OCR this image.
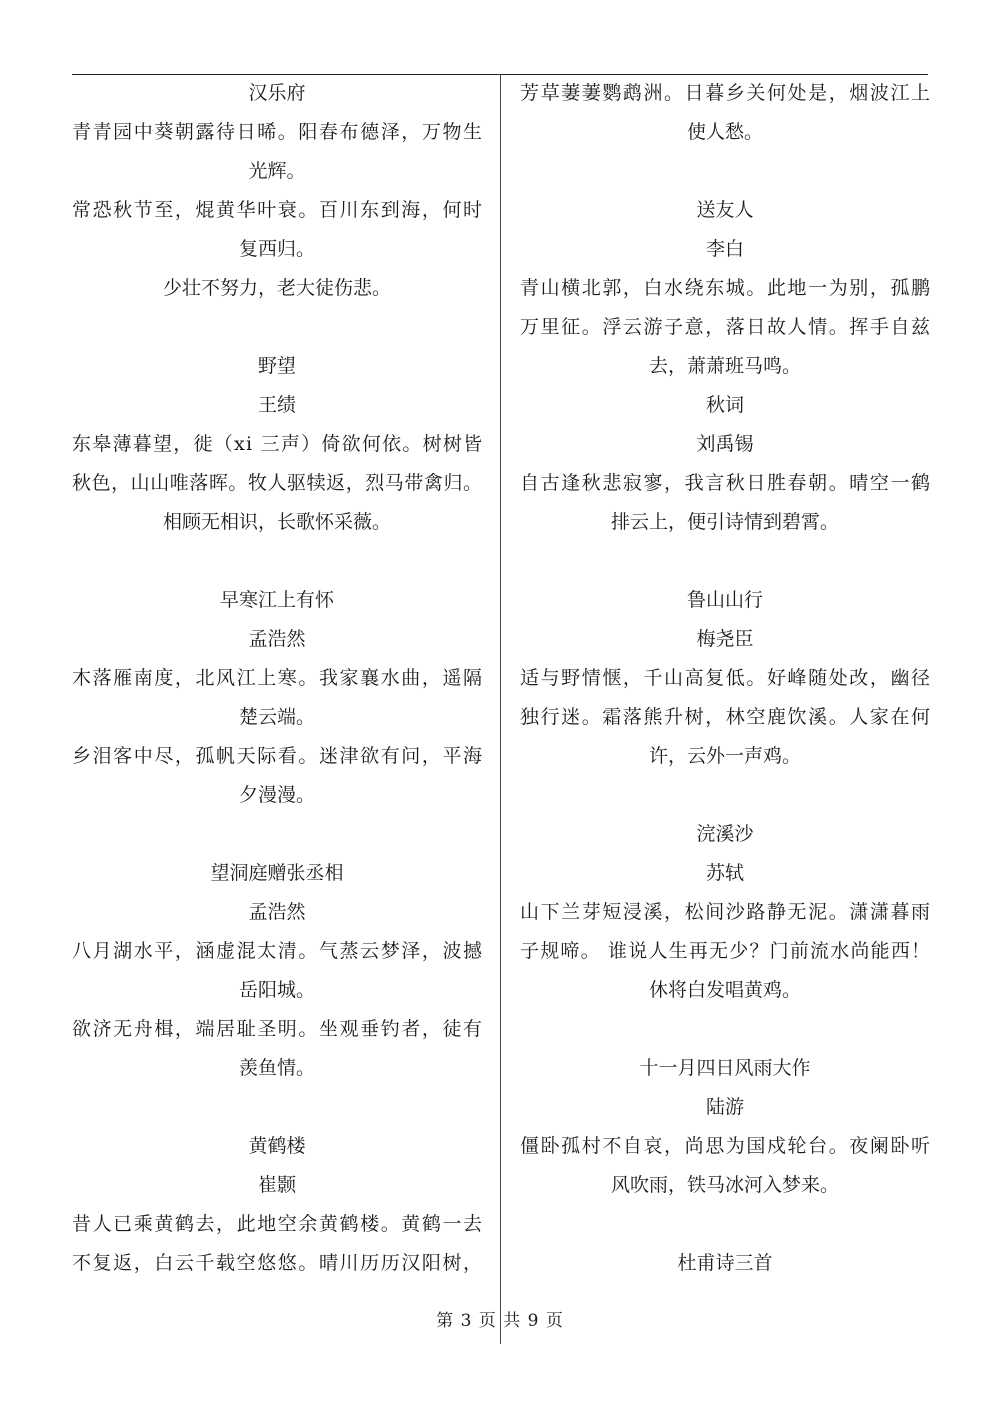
汉乐府
青青园中葵朝露待日晞。阳春布德泽，万物生
光辉。
常恐秋节至，焜黄华叶衰。百川东到海，何时
复西归。
少壮不努力，老大徒伤悲。
野望
王绩
东皋薄暮望，徙（xi 三声）倚欲何依。树树皆
秋色，山山唯落晖。牧人驱犊返，烈马带禽归。
相顾无相识，长歌怀采薇。
早寒江上有怀
孟浩然
木落雁南度，北风江上寒。我家襄水曲，遥隔
楚云端。
乡泪客中尽，孤帆天际看。迷津欲有问，平海
夕漫漫。
望洞庭赠张丞相
孟浩然
八月湖水平，涵虚混太清。气蒸云梦泽，波撼
岳阳城。
欲济无舟楫，端居耻圣明。坐观垂钓者，徒有
羡鱼情。
黄鹤楼
崔颢
昔人已乘黄鹤去，此地空余黄鹤楼。黄鹤一去
不复返，白云千载空悠悠。晴川历历汉阳树，
芳草萋萋鹦鹉洲。日暮乡关何处是，烟波江上
使人愁。
送友人
李白
青山横北郭，白水绕东城。此地一为别，孤鹏
万里征。浮云游子意，落日故人情。挥手自兹
去，萧萧班马鸣。
秋词
刘禹锡
自古逢秋悲寂寥，我言秋日胜春朝。晴空一鹤
排云上，便引诗情到碧霄。
鲁山山行
梅尧臣
适与野情惬，千山高复低。好峰随处改，幽径
独行迷。霜落熊升树，林空鹿饮溪。人家在何
许，云外一声鸡。
浣溪沙
苏轼
山下兰芽短浸溪，松间沙路静无泥。潇潇暮雨
子规啼。 谁说人生再无少？门前流水尚能西！
休将白发唱黄鸡。
十一月四日风雨大作
陆游
僵卧孤村不自哀，尚思为国戍轮台。夜阑卧听
风吹雨，铁马冰河入梦来。
杜甫诗三首
第 3 页 共 9 页
